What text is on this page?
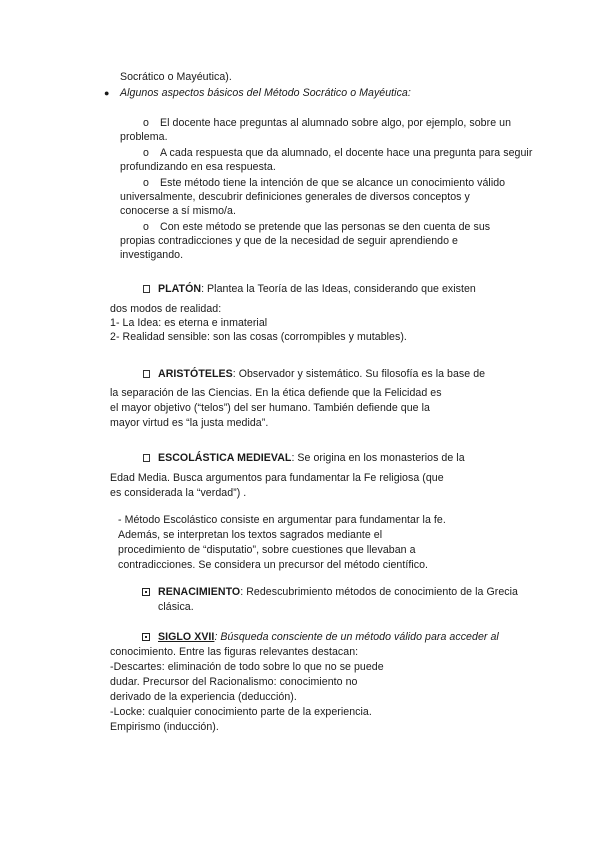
Socrático o Mayéutica).
● Algunos aspectos básicos del Método Socrático o Mayéutica:
o El docente hace preguntas al alumnado sobre algo, por ejemplo, sobre un
problema.
o A cada respuesta que da alumnado, el docente hace una pregunta para seguir
profundizando en esa respuesta.
o Este método tiene la intención de que se alcance un conocimiento válido
universalmente, descubrir definiciones generales de diversos conceptos y
conocerse a sí mismo/a.
o Con este método se pretende que las personas se den cuenta de sus
propias contradicciones y que de la necesidad de seguir aprendiendo e
investigando.
PLATÓN: Plantea la Teoría de las Ideas, considerando que existen
dos modos de realidad:
1- La Idea: es eterna e inmaterial
2- Realidad sensible: son las cosas (corrompibles y mutables).
ARISTÓTELES: Observador y sistemático. Su filosofía es la base de
la separación de las Ciencias. En la ética defiende que la Felicidad es
el mayor objetivo (“telos”) del ser humano. También defiende que la
mayor virtud es “la justa medida”.
ESCOLÁSTICA MEDIEVAL: Se origina en los monasterios de la
Edad Media. Busca argumentos para fundamentar la Fe religiosa (que
es considerada la “verdad”) .
- Método Escolástico consiste en argumentar para fundamentar la fe.
Además, se interpretan los textos sagrados mediante el
procedimiento de “disputatio”, sobre cuestiones que llevaban a
contradicciones. Se considera un precursor del método científico.
RENACIMIENTO: Redescubrimiento métodos de conocimiento de la Grecia
clásica.
SIGLO XVII: Búsqueda consciente de un método válido para acceder al
conocimiento. Entre las figuras relevantes destacan:
-Descartes: eliminación de todo sobre lo que no se puede
dudar. Precursor del Racionalismo: conocimiento no
derivado de la experiencia (deducción).
-Locke: cualquier conocimiento parte de la experiencia.
Empirismo (inducción).
